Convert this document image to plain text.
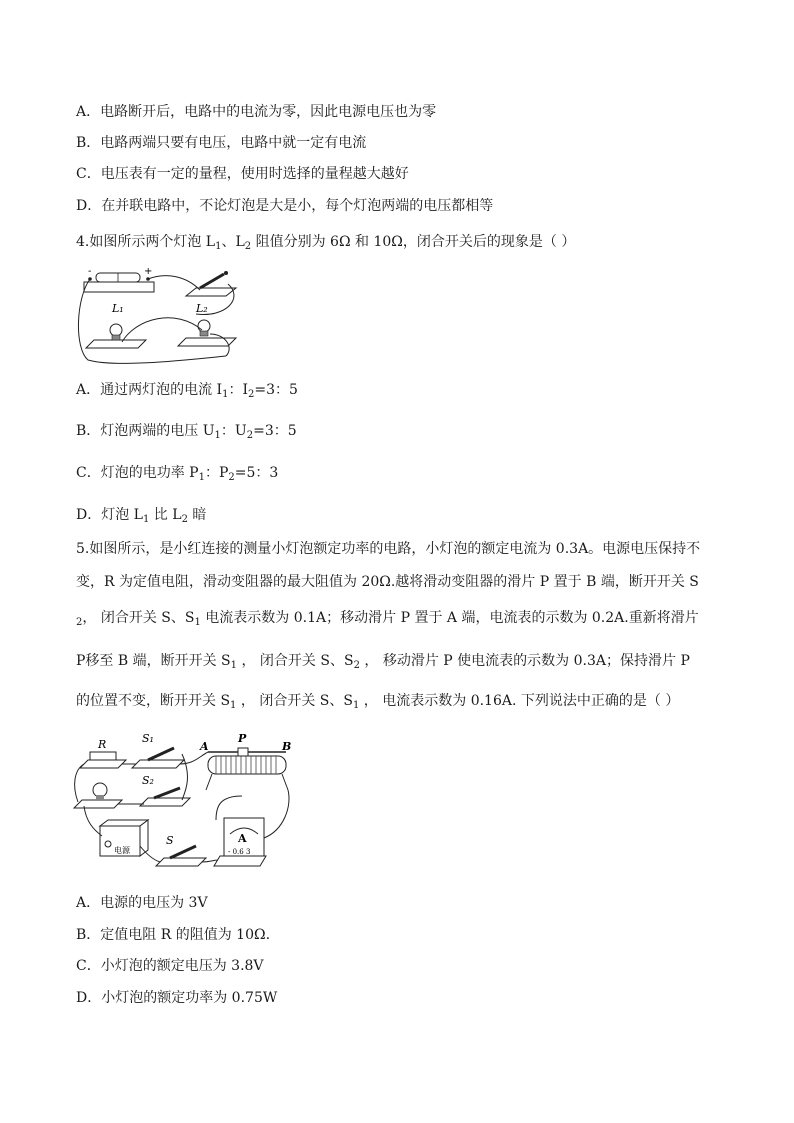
A．电路断开后，电路中的电流为零，因此电源电压也为零
B．电路两端只要有电压，电路中就一定有电流
C．电压表有一定的量程，使用时选择的量程越大越好
D．在并联电路中，不论灯泡是大是小，每个灯泡两端的电压都相等
4.如图所示两个灯泡 $L_1$、$L_2$ 阻值分别为 6Ω 和 10Ω，闭合开关后的现象是（ ）
-	+
L₁	L₂
A．通过两灯泡的电流 $I_1$：$I_2=3$：5
B．灯泡两端的电压 $U_1$：$U_2=3$：5
C．灯泡的电功率 $P_1$：$P_2=5$：3
D．灯泡 $L_1$ 比 $L_2$ 暗
5.如图所示，是小红连接的测量小灯泡额定功率的电路，小灯泡的额定电流为 0.3A。电源电压保持不
变，R 为定值电阻，滑动变阻器的最大阻值为 20Ω.越将滑动变阻器的滑片 P 置于 B 端，断开开关 S
$_2$， 闭合开关 S、$S_1$ 电流表示数为 0.1A；移动滑片 P 置于 A 端，电流表的示数为 0.2A.重新将滑片
P移至 B 端，断开开关 $S_1$ ， 闭合开关 S、$S_2$ ， 移动滑片 P 使电流表的示数为 0.3A；保持滑片 P
的位置不变，断开开关 $S_1$ ， 闭合开关 S、$S_1$ ， 电流表示数为 0.16A. 下列说法中正确的是（ ）
R	S₁
A
P
B
S₂
电源
S	A
- 0.6 3
A．电源的电压为 3V
B．定值电阻 R 的阻值为 10Ω.
C．小灯泡的额定电压为 3.8V
D．小灯泡的额定功率为 0.75W
